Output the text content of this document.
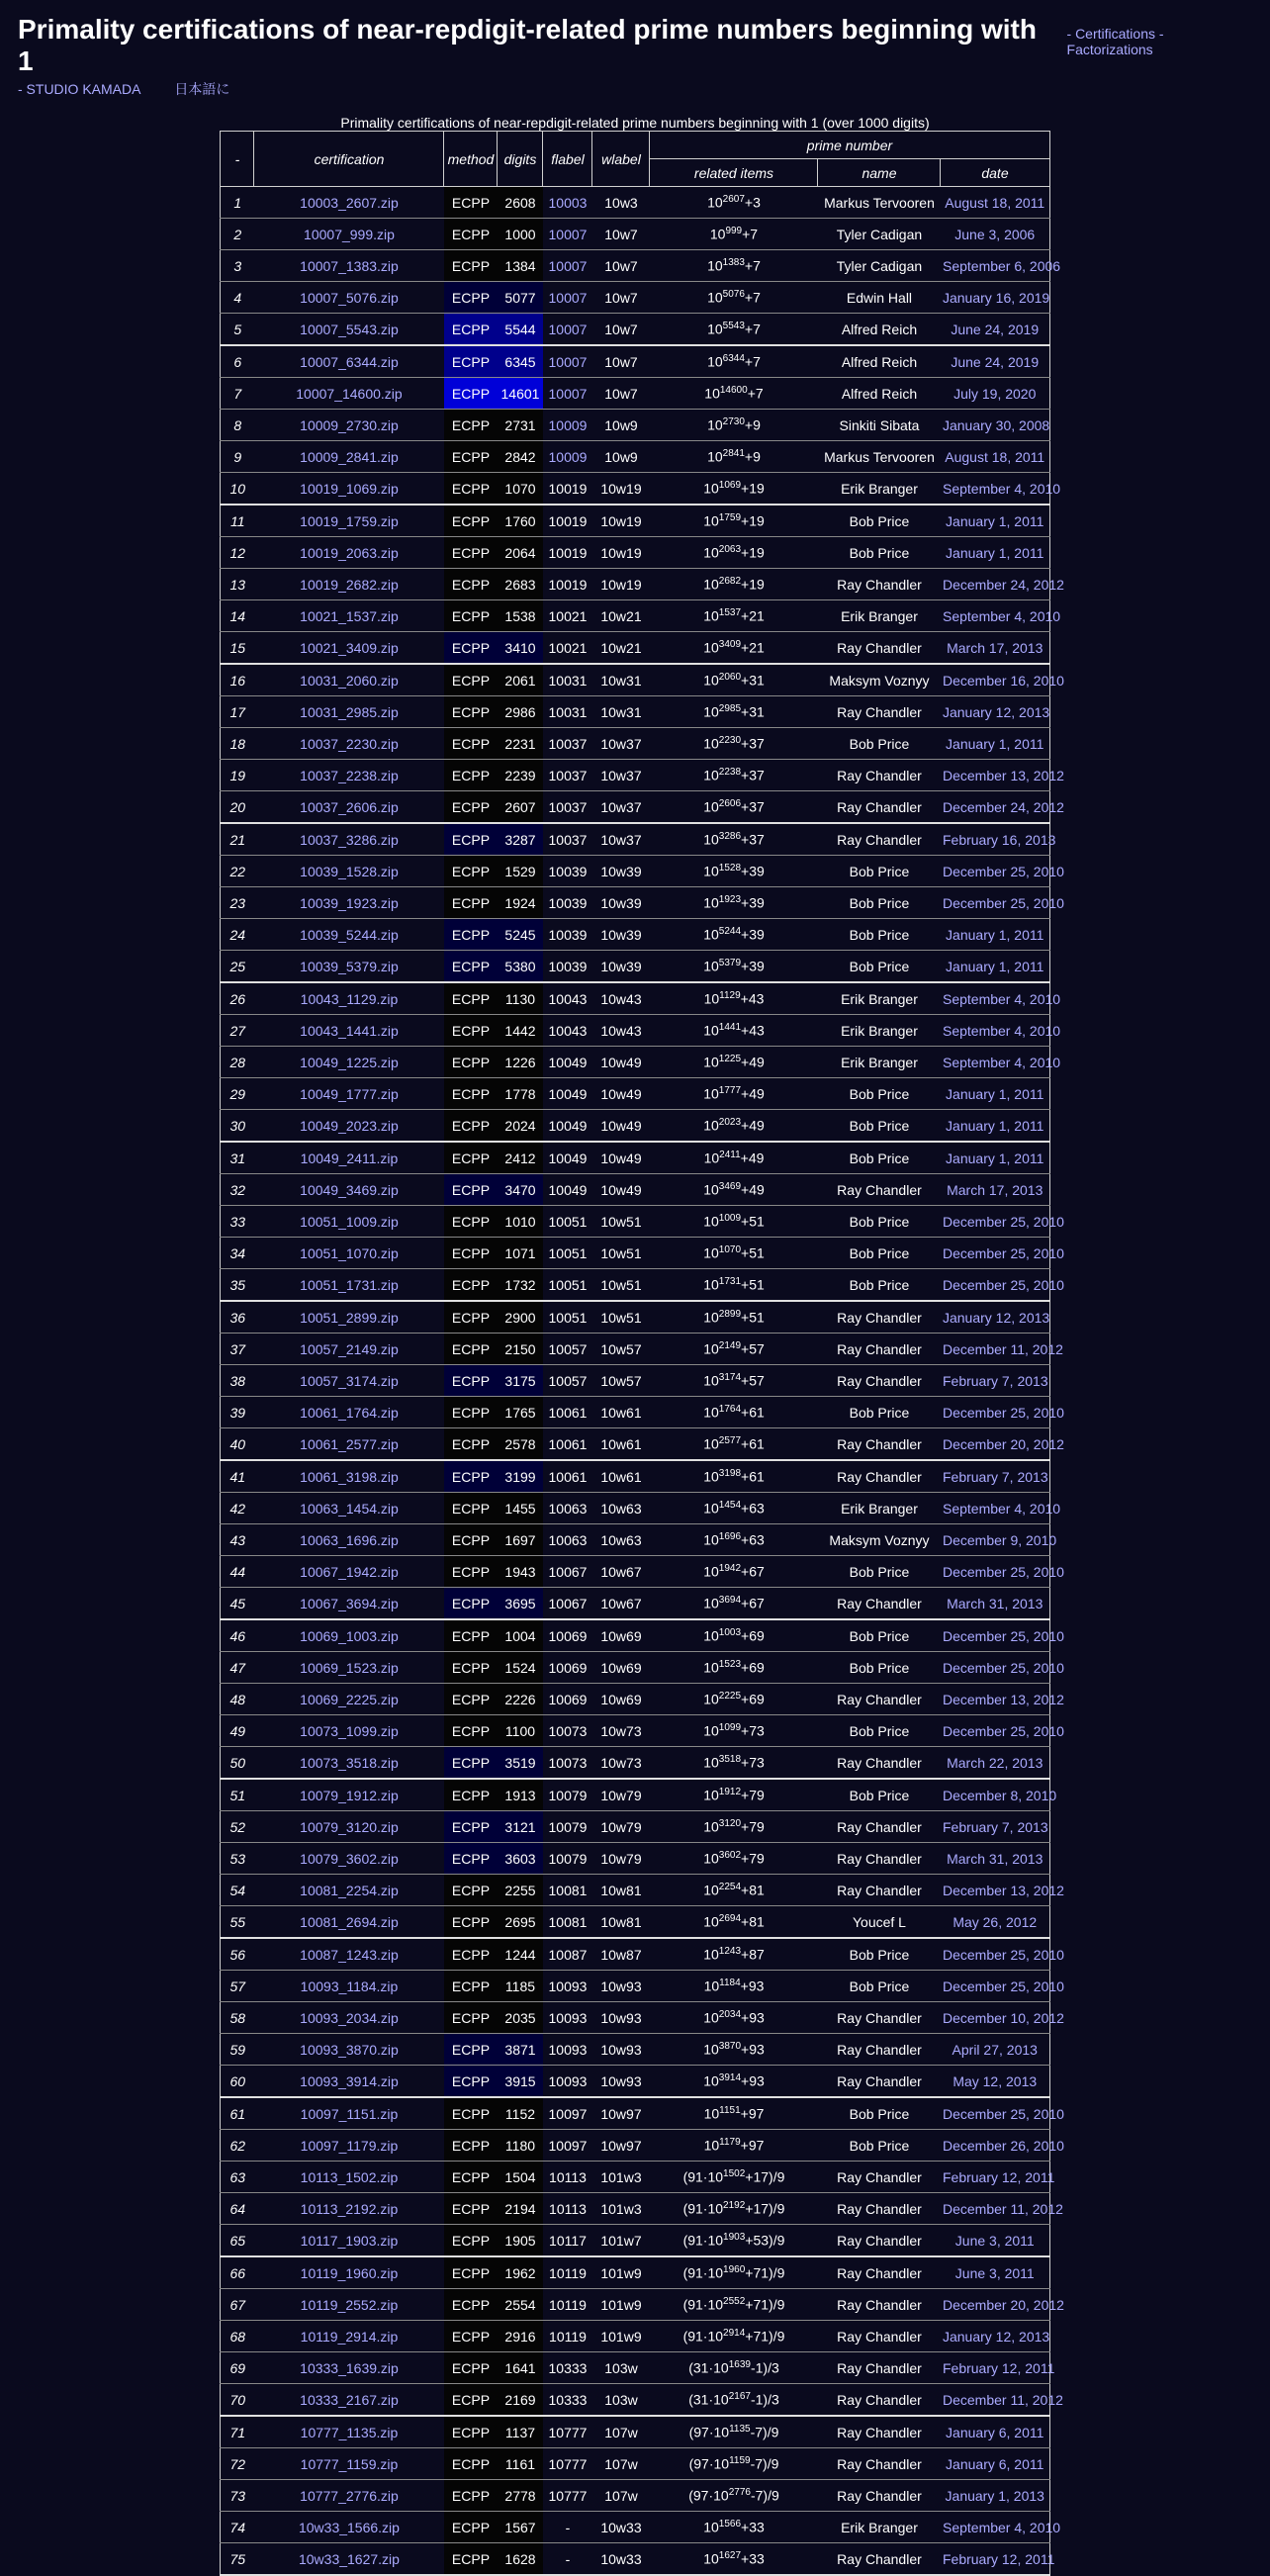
Primality certifications of near-repdigit-related prime numbers beginning with 1
- Certifications - Factorizations
- STUDIO KAMADA 日本語に
Primality certifications of near-repdigit-related prime numbers beginning with 1 (over 1000 digits)
-	certification	method	digits	flabel	wlabel	prime number		
						related items	name	date
1	10003_2607.zip	ECPP	2608	10003	10w3	$10^{2607}+3$	Markus Tervooren	August 18, 2011
2	10007_999.zip	ECPP	1000	10007	10w7	$10^{999}+7$	Tyler Cadigan	June 3, 2006
3	10007_1383.zip	ECPP	1384	10007	10w7	$10^{1383}+7$	Tyler Cadigan	September 6, 2006
4	10007_5076.zip	ECPP	5077	10007	10w7	$10^{5076}+7$	Edwin Hall	January 16, 2019
5	10007_5543.zip	ECPP	5544	10007	10w7	$10^{5543}+7$	Alfred Reich	June 24, 2019
6	10007_6344.zip	ECPP	6345	10007	10w7	$10^{6344}+7$	Alfred Reich	June 24, 2019
7	10007_14600.zip	ECPP	14601	10007	10w7	$10^{14600}+7$	Alfred Reich	July 19, 2020
8	10009_2730.zip	ECPP	2731	10009	10w9	$10^{2730}+9$	Sinkiti Sibata	January 30, 2008
9	10009_2841.zip	ECPP	2842	10009	10w9	$10^{2841}+9$	Markus Tervooren	August 18, 2011
10	10019_1069.zip	ECPP	1070	10019	10w19	$10^{1069}+19$	Erik Branger	September 4, 2010
11	10019_1759.zip	ECPP	1760	10019	10w19	$10^{1759}+19$	Bob Price	January 1, 2011
12	10019_2063.zip	ECPP	2064	10019	10w19	$10^{2063}+19$	Bob Price	January 1, 2011
13	10019_2682.zip	ECPP	2683	10019	10w19	$10^{2682}+19$	Ray Chandler	December 24, 2012
14	10021_1537.zip	ECPP	1538	10021	10w21	$10^{1537}+21$	Erik Branger	September 4, 2010
15	10021_3409.zip	ECPP	3410	10021	10w21	$10^{3409}+21$	Ray Chandler	March 17, 2013
16	10031_2060.zip	ECPP	2061	10031	10w31	$10^{2060}+31$	Maksym Voznyy	December 16, 2010
17	10031_2985.zip	ECPP	2986	10031	10w31	$10^{2985}+31$	Ray Chandler	January 12, 2013
18	10037_2230.zip	ECPP	2231	10037	10w37	$10^{2230}+37$	Bob Price	January 1, 2011
19	10037_2238.zip	ECPP	2239	10037	10w37	$10^{2238}+37$	Ray Chandler	December 13, 2012
20	10037_2606.zip	ECPP	2607	10037	10w37	$10^{2606}+37$	Ray Chandler	December 24, 2012
21	10037_3286.zip	ECPP	3287	10037	10w37	$10^{3286}+37$	Ray Chandler	February 16, 2013
22	10039_1528.zip	ECPP	1529	10039	10w39	$10^{1528}+39$	Bob Price	December 25, 2010
23	10039_1923.zip	ECPP	1924	10039	10w39	$10^{1923}+39$	Bob Price	December 25, 2010
24	10039_5244.zip	ECPP	5245	10039	10w39	$10^{5244}+39$	Bob Price	January 1, 2011
25	10039_5379.zip	ECPP	5380	10039	10w39	$10^{5379}+39$	Bob Price	January 1, 2011
26	10043_1129.zip	ECPP	1130	10043	10w43	$10^{1129}+43$	Erik Branger	September 4, 2010
27	10043_1441.zip	ECPP	1442	10043	10w43	$10^{1441}+43$	Erik Branger	September 4, 2010
28	10049_1225.zip	ECPP	1226	10049	10w49	$10^{1225}+49$	Erik Branger	September 4, 2010
29	10049_1777.zip	ECPP	1778	10049	10w49	$10^{1777}+49$	Bob Price	January 1, 2011
30	10049_2023.zip	ECPP	2024	10049	10w49	$10^{2023}+49$	Bob Price	January 1, 2011
31	10049_2411.zip	ECPP	2412	10049	10w49	$10^{2411}+49$	Bob Price	January 1, 2011
32	10049_3469.zip	ECPP	3470	10049	10w49	$10^{3469}+49$	Ray Chandler	March 17, 2013
33	10051_1009.zip	ECPP	1010	10051	10w51	$10^{1009}+51$	Bob Price	December 25, 2010
34	10051_1070.zip	ECPP	1071	10051	10w51	$10^{1070}+51$	Bob Price	December 25, 2010
35	10051_1731.zip	ECPP	1732	10051	10w51	$10^{1731}+51$	Bob Price	December 25, 2010
36	10051_2899.zip	ECPP	2900	10051	10w51	$10^{2899}+51$	Ray Chandler	January 12, 2013
37	10057_2149.zip	ECPP	2150	10057	10w57	$10^{2149}+57$	Ray Chandler	December 11, 2012
38	10057_3174.zip	ECPP	3175	10057	10w57	$10^{3174}+57$	Ray Chandler	February 7, 2013
39	10061_1764.zip	ECPP	1765	10061	10w61	$10^{1764}+61$	Bob Price	December 25, 2010
40	10061_2577.zip	ECPP	2578	10061	10w61	$10^{2577}+61$	Ray Chandler	December 20, 2012
41	10061_3198.zip	ECPP	3199	10061	10w61	$10^{3198}+61$	Ray Chandler	February 7, 2013
42	10063_1454.zip	ECPP	1455	10063	10w63	$10^{1454}+63$	Erik Branger	September 4, 2010
43	10063_1696.zip	ECPP	1697	10063	10w63	$10^{1696}+63$	Maksym Voznyy	December 9, 2010
44	10067_1942.zip	ECPP	1943	10067	10w67	$10^{1942}+67$	Bob Price	December 25, 2010
45	10067_3694.zip	ECPP	3695	10067	10w67	$10^{3694}+67$	Ray Chandler	March 31, 2013
46	10069_1003.zip	ECPP	1004	10069	10w69	$10^{1003}+69$	Bob Price	December 25, 2010
47	10069_1523.zip	ECPP	1524	10069	10w69	$10^{1523}+69$	Bob Price	December 25, 2010
48	10069_2225.zip	ECPP	2226	10069	10w69	$10^{2225}+69$	Ray Chandler	December 13, 2012
49	10073_1099.zip	ECPP	1100	10073	10w73	$10^{1099}+73$	Bob Price	December 25, 2010
50	10073_3518.zip	ECPP	3519	10073	10w73	$10^{3518}+73$	Ray Chandler	March 22, 2013
51	10079_1912.zip	ECPP	1913	10079	10w79	$10^{1912}+79$	Bob Price	December 8, 2010
52	10079_3120.zip	ECPP	3121	10079	10w79	$10^{3120}+79$	Ray Chandler	February 7, 2013
53	10079_3602.zip	ECPP	3603	10079	10w79	$10^{3602}+79$	Ray Chandler	March 31, 2013
54	10081_2254.zip	ECPP	2255	10081	10w81	$10^{2254}+81$	Ray Chandler	December 13, 2012
55	10081_2694.zip	ECPP	2695	10081	10w81	$10^{2694}+81$	Youcef L	May 26, 2012
56	10087_1243.zip	ECPP	1244	10087	10w87	$10^{1243}+87$	Bob Price	December 25, 2010
57	10093_1184.zip	ECPP	1185	10093	10w93	$10^{1184}+93$	Bob Price	December 25, 2010
58	10093_2034.zip	ECPP	2035	10093	10w93	$10^{2034}+93$	Ray Chandler	December 10, 2012
59	10093_3870.zip	ECPP	3871	10093	10w93	$10^{3870}+93$	Ray Chandler	April 27, 2013
60	10093_3914.zip	ECPP	3915	10093	10w93	$10^{3914}+93$	Ray Chandler	May 12, 2013
61	10097_1151.zip	ECPP	1152	10097	10w97	$10^{1151}+97$	Bob Price	December 25, 2010
62	10097_1179.zip	ECPP	1180	10097	10w97	$10^{1179}+97$	Bob Price	December 26, 2010
63	10113_1502.zip	ECPP	1504	10113	101w3	$(91\cdot 10^{1502}+17)/9$	Ray Chandler	February 12, 2011
64	10113_2192.zip	ECPP	2194	10113	101w3	$(91\cdot 10^{2192}+17)/9$	Ray Chandler	December 11, 2012
65	10117_1903.zip	ECPP	1905	10117	101w7	$(91\cdot 10^{1903}+53)/9$	Ray Chandler	June 3, 2011
66	10119_1960.zip	ECPP	1962	10119	101w9	$(91\cdot 10^{1960}+71)/9$	Ray Chandler	June 3, 2011
67	10119_2552.zip	ECPP	2554	10119	101w9	$(91\cdot 10^{2552}+71)/9$	Ray Chandler	December 20, 2012
68	10119_2914.zip	ECPP	2916	10119	101w9	$(91\cdot 10^{2914}+71)/9$	Ray Chandler	January 12, 2013
69	10333_1639.zip	ECPP	1641	10333	103w	$(31\cdot 10^{1639}-1)/3$	Ray Chandler	February 12, 2011
70	10333_2167.zip	ECPP	2169	10333	103w	$(31\cdot 10^{2167}-1)/3$	Ray Chandler	December 11, 2012
71	10777_1135.zip	ECPP	1137	10777	107w	$(97\cdot 10^{1135}-7)/9$	Ray Chandler	January 6, 2011
72	10777_1159.zip	ECPP	1161	10777	107w	$(97\cdot 10^{1159}-7)/9$	Ray Chandler	January 6, 2011
73	10777_2776.zip	ECPP	2778	10777	107w	$(97\cdot 10^{2776}-7)/9$	Ray Chandler	January 1, 2013
74	10w33_1566.zip	ECPP	1567	-	10w33	$10^{1566}+33$	Erik Branger	September 4, 2010
75	10w33_1627.zip	ECPP	1628	-	10w33	$10^{1627}+33$	Ray Chandler	February 12, 2011
